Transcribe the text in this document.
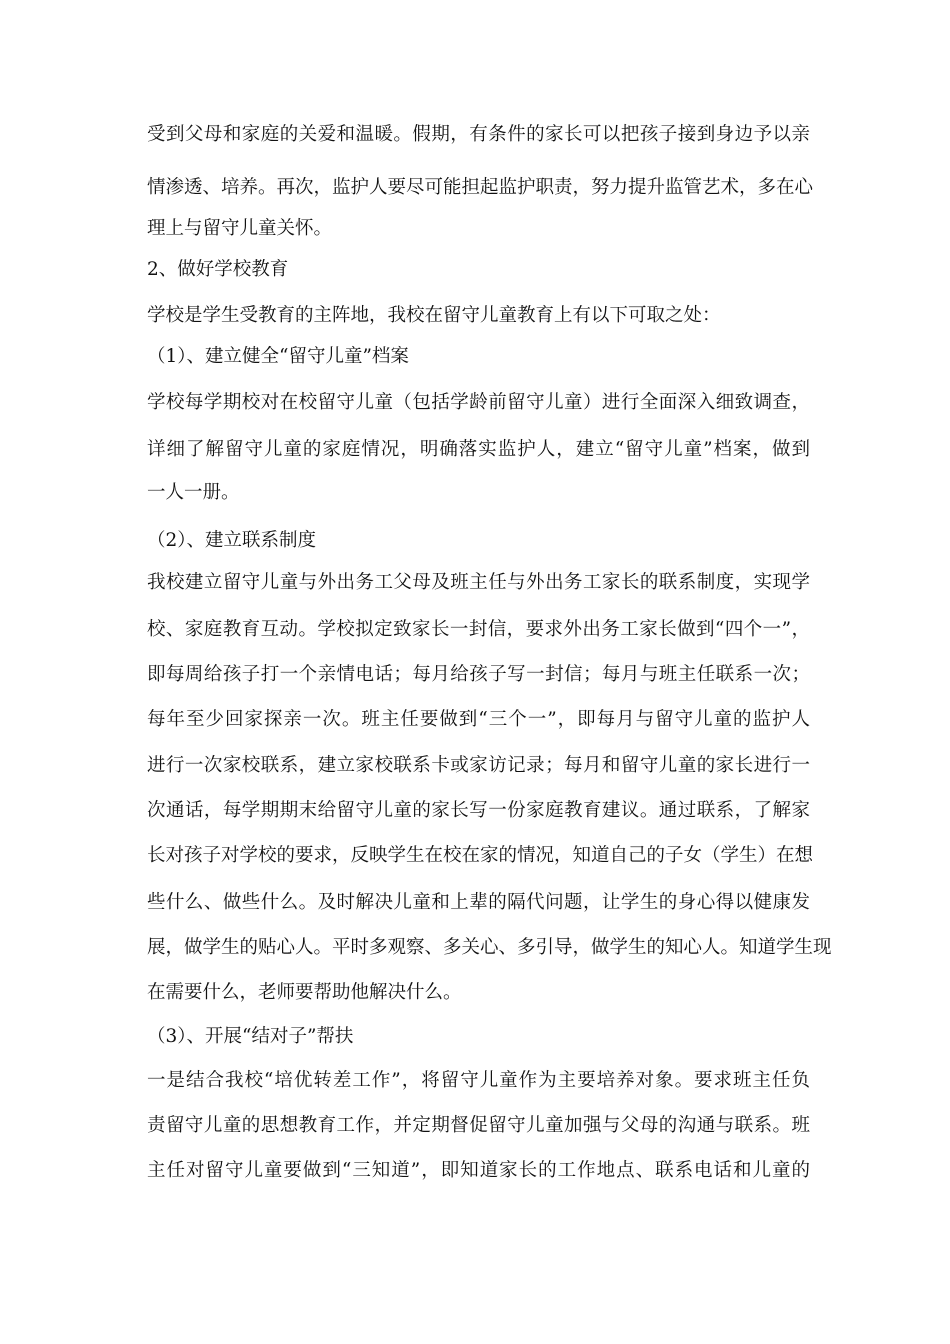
受到父母和家庭的关爱和温暖。假期，有条件的家长可以把孩子接到身边予以亲
情渗透、培养。再次，监护人要尽可能担起监护职责，努力提升监管艺术，多在心
理上与留守儿童关怀。
2、做好学校教育
学校是学生受教育的主阵地，我校在留守儿童教育上有以下可取之处：
（1）、建立健全“留守儿童”档案
学校每学期校对在校留守儿童（包括学龄前留守儿童）进行全面深入细致调查，
详细了解留守儿童的家庭情况，明确落实监护人，建立“留守儿童”档案，做到
一人一册。
（2）、建立联系制度
我校建立留守儿童与外出务工父母及班主任与外出务工家长的联系制度，实现学
校、家庭教育互动。学校拟定致家长一封信，要求外出务工家长做到“四个一”，
即每周给孩子打一个亲情电话；每月给孩子写一封信；每月与班主任联系一次；
每年至少回家探亲一次。班主任要做到“三个一”，即每月与留守儿童的监护人
进行一次家校联系，建立家校联系卡或家访记录；每月和留守儿童的家长进行一
次通话，每学期期末给留守儿童的家长写一份家庭教育建议。通过联系，了解家
长对孩子对学校的要求，反映学生在校在家的情况，知道自己的子女（学生）在想
些什么、做些什么。及时解决儿童和上辈的隔代问题，让学生的身心得以健康发
展，做学生的贴心人。平时多观察、多关心、多引导，做学生的知心人。知道学生现
在需要什么，老师要帮助他解决什么。
（3）、开展“结对子”帮扶
一是结合我校“培优转差工作”，将留守儿童作为主要培养对象。要求班主任负
责留守儿童的思想教育工作，并定期督促留守儿童加强与父母的沟通与联系。班
主任对留守儿童要做到“三知道”，即知道家长的工作地点、联系电话和儿童的
